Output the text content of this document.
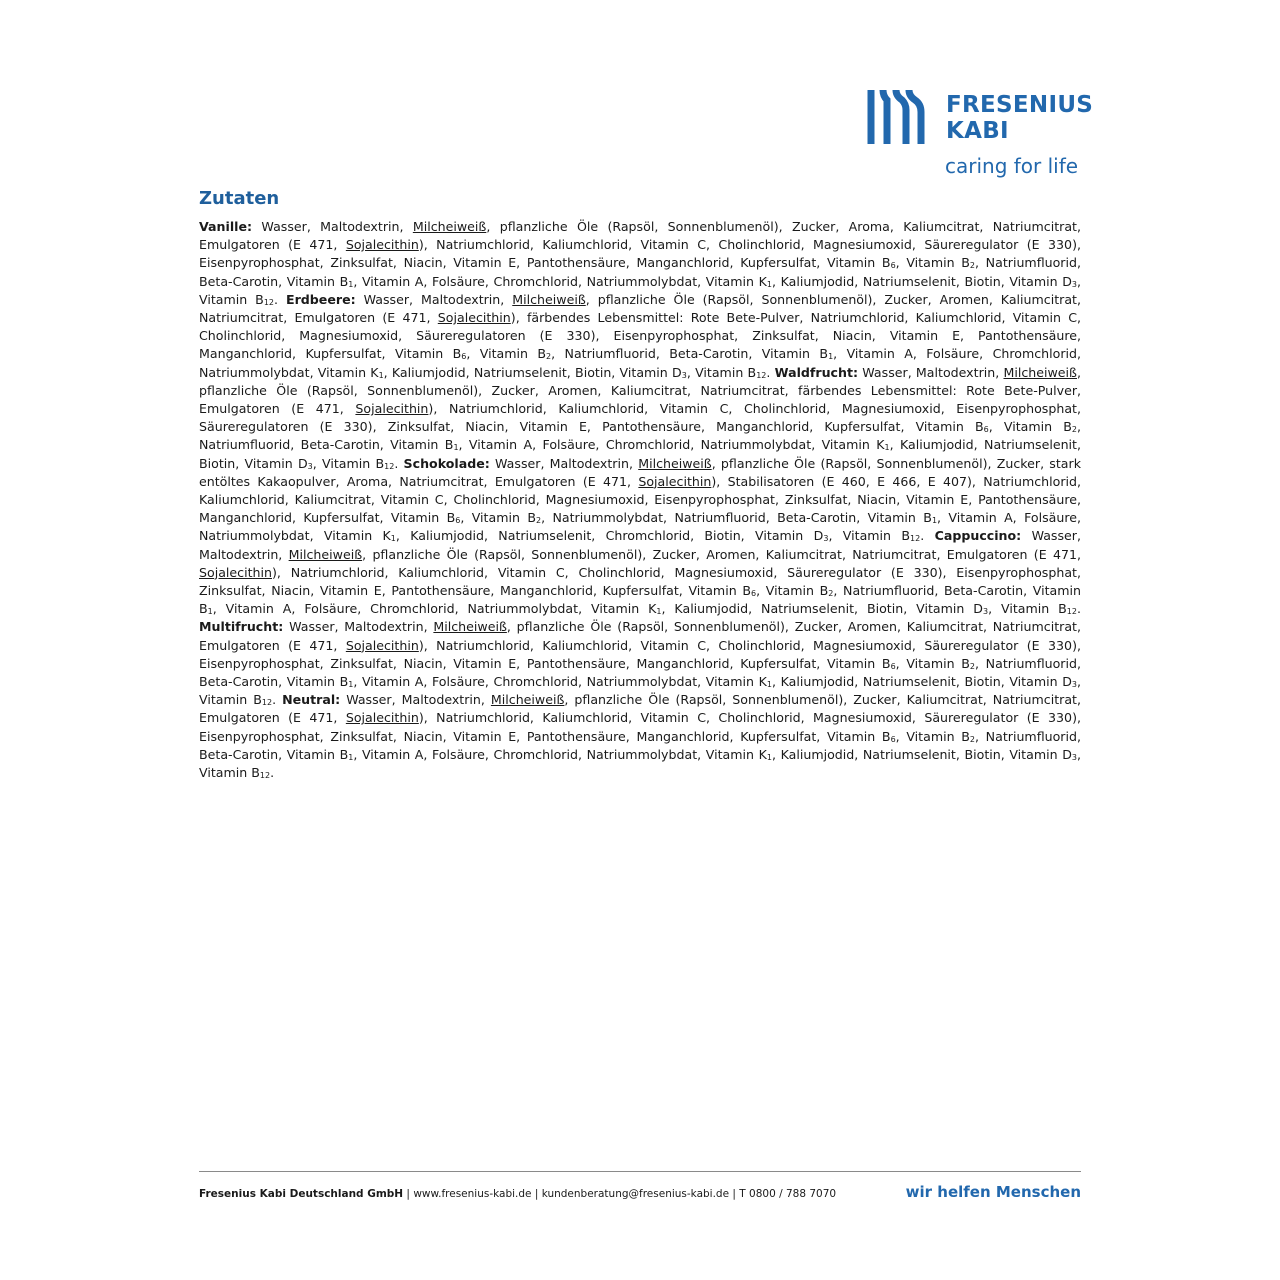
FRESENIUS
KABI
caring for life
Zutaten

Vanille: Wasser, Maltodextrin, Milcheiweiß, pflanzliche Öle (Rapsöl, Sonnenblumenöl), Zucker, Aroma, Kaliumcitrat, Natriumcitrat, Emulgatoren (E 471, Sojalecithin), Natriumchlorid, Kaliumchlorid, Vitamin C, Cholinchlorid, Magnesiumoxid, Säureregulator (E 330), Eisenpyrophosphat, Zinksulfat, Niacin, Vitamin E, Pantothensäure, Manganchlorid, Kupfersulfat, Vitamin $B_6$, Vitamin $B_2$, Natriumfluorid, Beta-Carotin, Vitamin $B_1$, Vitamin A, Folsäure, Chromchlorid, Natriummolybdat, Vitamin $K_1$, Kaliumjodid, Natriumselenit, Biotin, Vitamin $D_3$, Vitamin $B_{12}$. Erdbeere: Wasser, Maltodextrin, Milcheiweiß, pflanzliche Öle (Rapsöl, Sonnenblumenöl), Zucker, Aromen, Kaliumcitrat, Natriumcitrat, Emulgatoren (E 471, Sojalecithin), färbendes Lebensmittel: Rote Bete-Pulver, Natriumchlorid, Kaliumchlorid, Vitamin C, Cholinchlorid, Magnesiumoxid, Säureregulatoren (E 330), Eisenpyrophosphat, Zinksulfat, Niacin, Vitamin E, Pantothensäure, Manganchlorid, Kupfersulfat, Vitamin $B_6$, Vitamin $B_2$, Natriumfluorid, Beta-Carotin, Vitamin $B_1$, Vitamin A, Folsäure, Chromchlorid, Natriummolybdat, Vitamin $K_1$, Kaliumjodid, Natriumselenit, Biotin, Vitamin $D_3$, Vitamin $B_{12}$. Waldfrucht: Wasser, Maltodextrin, Milcheiweiß, pflanzliche Öle (Rapsöl, Sonnenblumenöl), Zucker, Aromen, Kaliumcitrat, Natriumcitrat, färbendes Lebensmittel: Rote Bete-Pulver, Emulgatoren (E 471, Sojalecithin), Natriumchlorid, Kaliumchlorid, Vitamin C, Cholinchlorid, Magnesiumoxid, Eisenpyrophosphat, Säureregulatoren (E 330), Zinksulfat, Niacin, Vitamin E, Pantothensäure, Manganchlorid, Kupfersulfat, Vitamin $B_6$, Vitamin $B_2$, Natriumfluorid, Beta-Carotin, Vitamin $B_1$, Vitamin A, Folsäure, Chromchlorid, Natriummolybdat, Vitamin $K_1$, Kaliumjodid, Natriumselenit, Biotin, Vitamin $D_3$, Vitamin $B_{12}$. Schokolade: Wasser, Maltodextrin, Milcheiweiß, pflanzliche Öle (Rapsöl, Sonnenblumenöl), Zucker, stark entöltes Kakaopulver, Aroma, Natriumcitrat, Emulgatoren (E 471, Sojalecithin), Stabilisatoren (E 460, E 466, E 407), Natriumchlorid, Kaliumchlorid, Kaliumcitrat, Vitamin C, Cholinchlorid, Magnesiumoxid, Eisenpyrophosphat, Zinksulfat, Niacin, Vitamin E, Pantothensäure, Manganchlorid, Kupfersulfat, Vitamin $B_6$, Vitamin $B_2$, Natriummolybdat, Natriumfluorid, Beta-Carotin, Vitamin $B_1$, Vitamin A, Folsäure, Natriummolybdat, Vitamin $K_1$, Kaliumjodid, Natriumselenit, Chromchlorid, Biotin, Vitamin $D_3$, Vitamin $B_{12}$. Cappuccino: Wasser, Maltodextrin, Milcheiweiß, pflanzliche Öle (Rapsöl, Sonnenblumenöl), Zucker, Aromen, Kaliumcitrat, Natriumcitrat, Emulgatoren (E 471, Sojalecithin), Natriumchlorid, Kaliumchlorid, Vitamin C, Cholinchlorid, Magnesiumoxid, Säureregulator (E 330), Eisenpyrophosphat, Zinksulfat, Niacin, Vitamin E, Pantothensäure, Manganchlorid, Kupfersulfat, Vitamin $B_6$, Vitamin $B_2$, Natriumfluorid, Beta-Carotin, Vitamin $B_1$, Vitamin A, Folsäure, Chromchlorid, Natriummolybdat, Vitamin $K_1$, Kaliumjodid, Natriumselenit, Biotin, Vitamin $D_3$, Vitamin $B_{12}$. Multifrucht: Wasser, Maltodextrin, Milcheiweiß, pflanzliche Öle (Rapsöl, Sonnenblumenöl), Zucker, Aromen, Kaliumcitrat, Natriumcitrat, Emulgatoren (E 471, Sojalecithin), Natriumchlorid, Kaliumchlorid, Vitamin C, Cholinchlorid, Magnesiumoxid, Säureregulator (E 330), Eisenpyrophosphat, Zinksulfat, Niacin, Vitamin E, Pantothensäure, Manganchlorid, Kupfersulfat, Vitamin $B_6$, Vitamin $B_2$, Natriumfluorid, Beta-Carotin, Vitamin $B_1$, Vitamin A, Folsäure, Chromchlorid, Natriummolybdat, Vitamin $K_1$, Kaliumjodid, Natriumselenit, Biotin, Vitamin $D_3$, Vitamin $B_{12}$. Neutral: Wasser, Maltodextrin, Milcheiweiß, pflanzliche Öle (Rapsöl, Sonnenblumenöl), Zucker, Kaliumcitrat, Natriumcitrat, Emulgatoren (E 471, Sojalecithin), Natriumchlorid, Kaliumchlorid, Vitamin C, Cholinchlorid, Magnesiumoxid, Säureregulator (E 330), Eisenpyrophosphat, Zinksulfat, Niacin, Vitamin E, Pantothensäure, Manganchlorid, Kupfersulfat, Vitamin $B_6$, Vitamin $B_2$, Natriumfluorid, Beta-Carotin, Vitamin $B_1$, Vitamin A, Folsäure, Chromchlorid, Natriummolybdat, Vitamin $K_1$, Kaliumjodid, Natriumselenit, Biotin, Vitamin $D_3$, Vitamin $B_{12}$.

Fresenius Kabi Deutschland GmbH | www.fresenius-kabi.de | kundenberatung@fresenius-kabi.de | T 0800 / 788 7070	wir helfen Menschen
